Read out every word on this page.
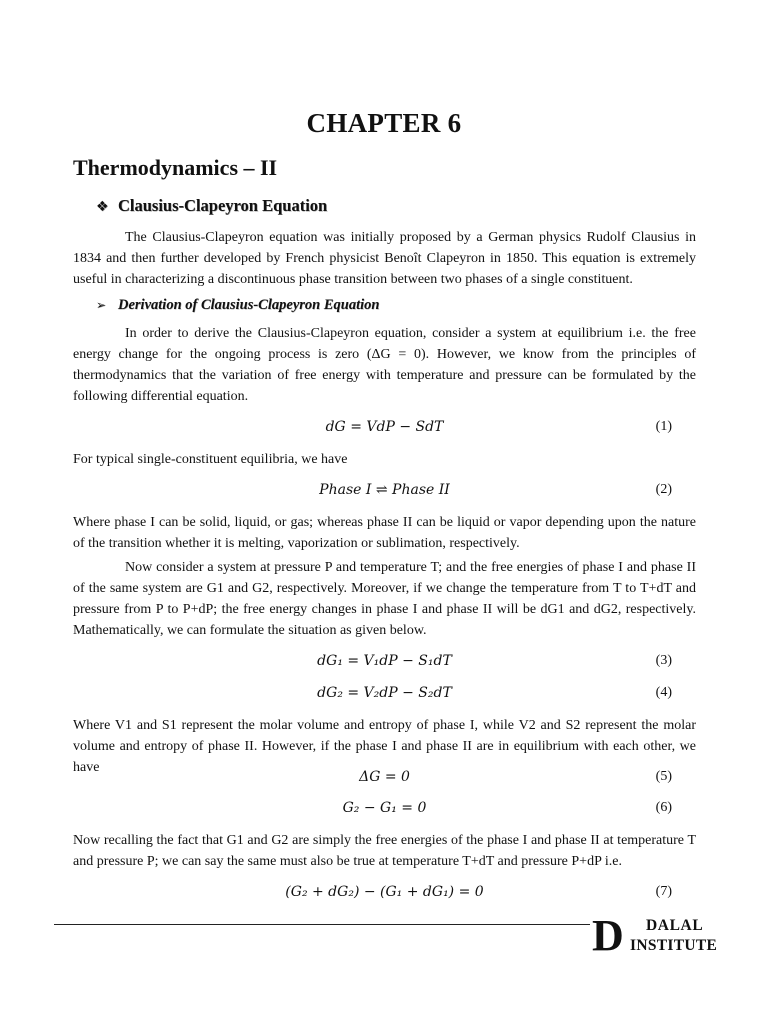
CHAPTER 6
Thermodynamics – II
❖ Clausius-Clapeyron Equation
The Clausius-Clapeyron equation was initially proposed by a German physics Rudolf Clausius in 1834 and then further developed by French physicist Benoît Clapeyron in 1850. This equation is extremely useful in characterizing a discontinuous phase transition between two phases of a single constituent.
➢ Derivation of Clausius-Clapeyron Equation
In order to derive the Clausius-Clapeyron equation, consider a system at equilibrium i.e. the free energy change for the ongoing process is zero (ΔG = 0). However, we know from the principles of thermodynamics that the variation of free energy with temperature and pressure can be formulated by the following differential equation.
dG = VdP − SdT	(1)
For typical single-constituent equilibria, we have
Phase I ⇌ Phase II	(2)
Where phase I can be solid, liquid, or gas; whereas phase II can be liquid or vapor depending upon the nature of the transition whether it is melting, vaporization or sublimation, respectively.
Now consider a system at pressure P and temperature T; and the free energies of phase I and phase II of the same system are G1 and G2, respectively. Moreover, if we change the temperature from T to T+dT and pressure from P to P+dP; the free energy changes in phase I and phase II will be dG1 and dG2, respectively. Mathematically, we can formulate the situation as given below.
dG₁ = V₁dP − S₁dT	(3)
dG₂ = V₂dP − S₂dT	(4)
Where V1 and S1 represent the molar volume and entropy of phase I, while V2 and S2 represent the molar volume and entropy of phase II. However, if the phase I and phase II are in equilibrium with each other, we have
ΔG = 0	(5)
G₂ − G₁ = 0	(6)
Now recalling the fact that G1 and G2 are simply the free energies of the phase I and phase II at temperature T and pressure P; we can say the same must also be true at temperature T+dT and pressure P+dP i.e.
(G₂ + dG₂) − (G₁ + dG₁) = 0	(7)
D DALAL
INSTITUTE
